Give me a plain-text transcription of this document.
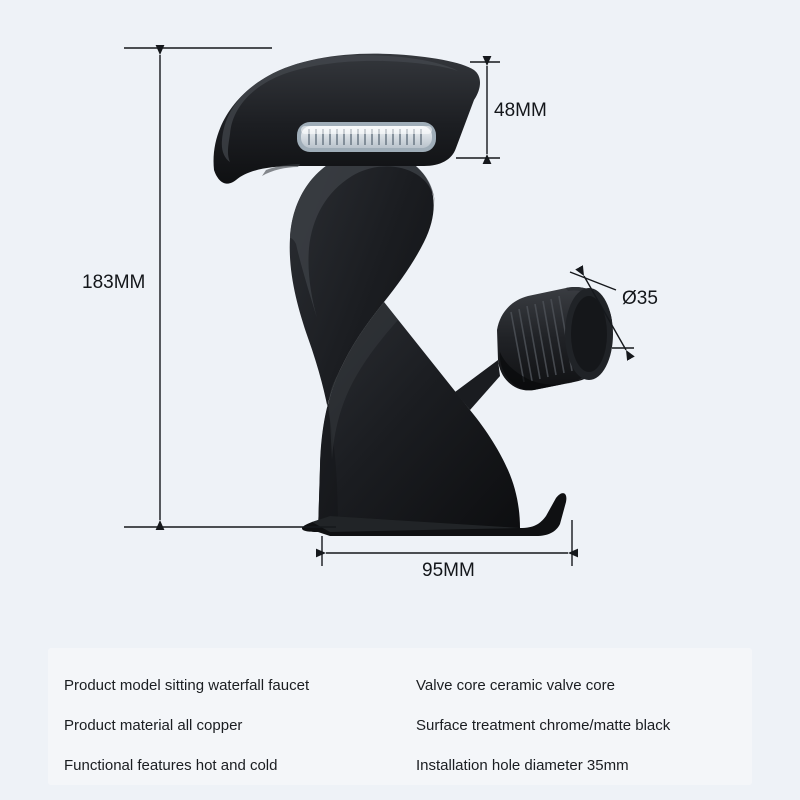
183MM
48MM
Ø35
95MM
Product model sitting waterfall faucet
Product material all copper
Functional features hot and cold
Valve core ceramic valve core
Surface treatment chrome/matte black
Installation hole diameter 35mm
